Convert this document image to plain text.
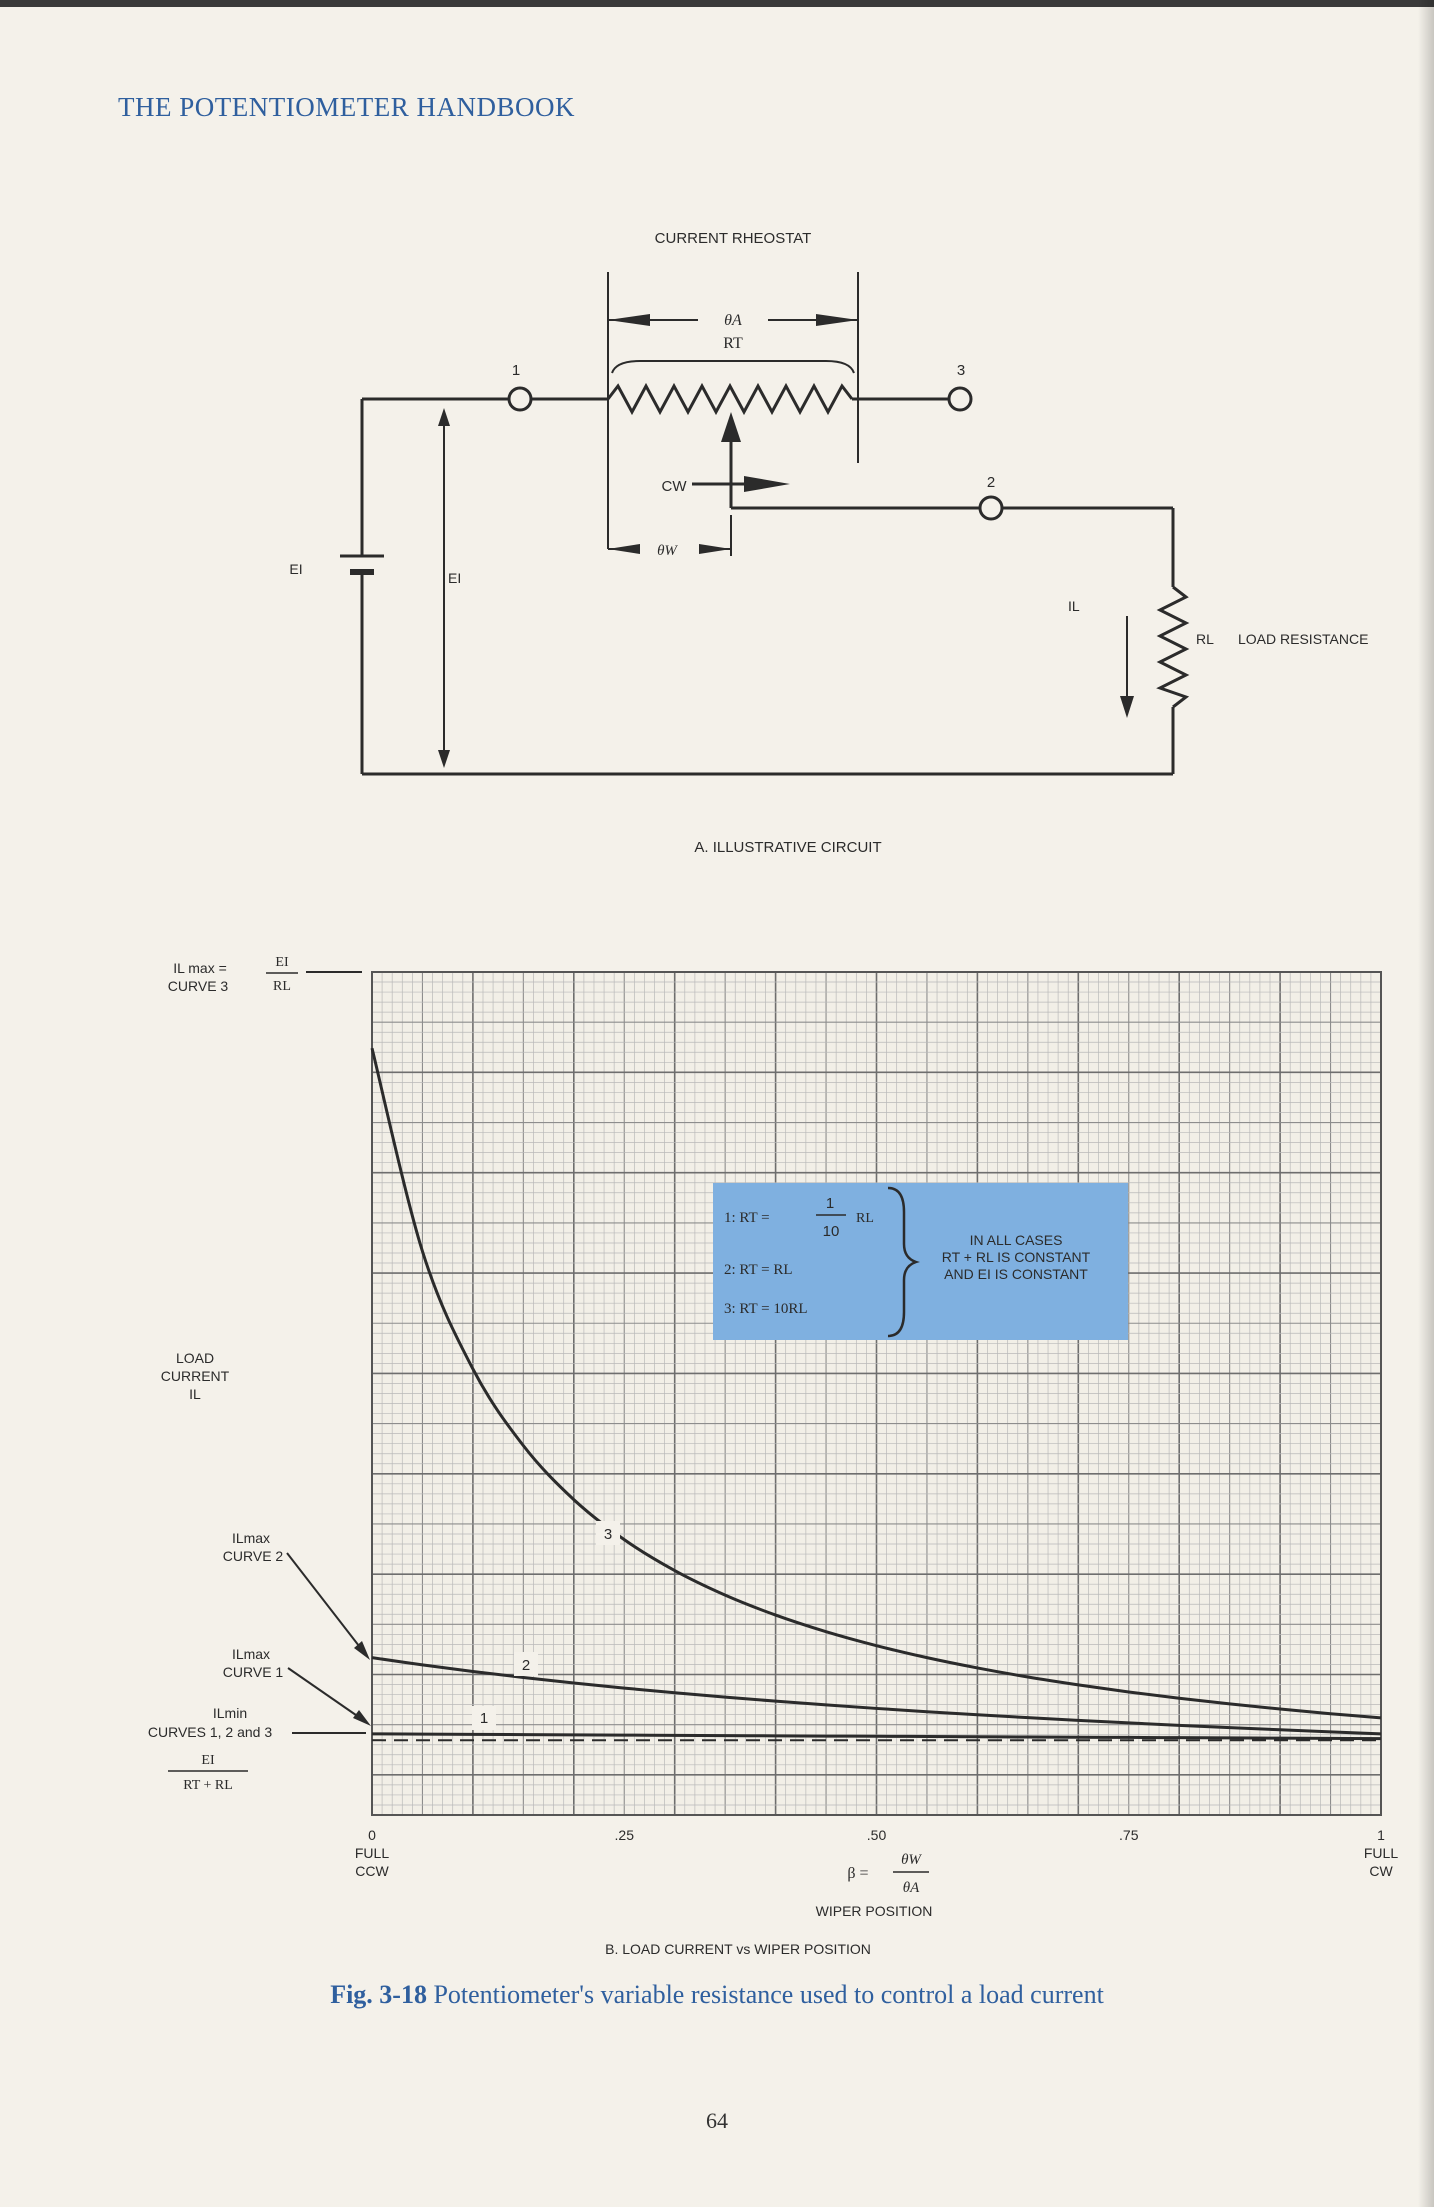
THE POTENTIOMETER HANDBOOK
CURRENT RHEOSTAT
θA
RT
1	3
2
CW
θW
EI
EI
IL
RL LOAD RESISTANCE
A. ILLUSTRATIVE CIRCUIT
1: RT =
1
10
RL
2: RT = RL
3: RT = 10RL
IN ALL CASES
RT + RL IS CONSTANT
AND EI IS CONSTANT
3
2
1
IL max =
CURVE 3
EI
RL
LOAD
CURRENT
IL
ILmax
CURVE 2
ILmax
CURVE 1
ILmin
CURVES 1, 2 and 3
EI
RT + RL
0	.25	.50	.75	1
FULL
CCW
FULL
CW
β =
θW
θA
WIPER POSITION
B. LOAD CURRENT vs WIPER POSITION
Fig. 3-18 Potentiometer's variable resistance used to control a load current
64
